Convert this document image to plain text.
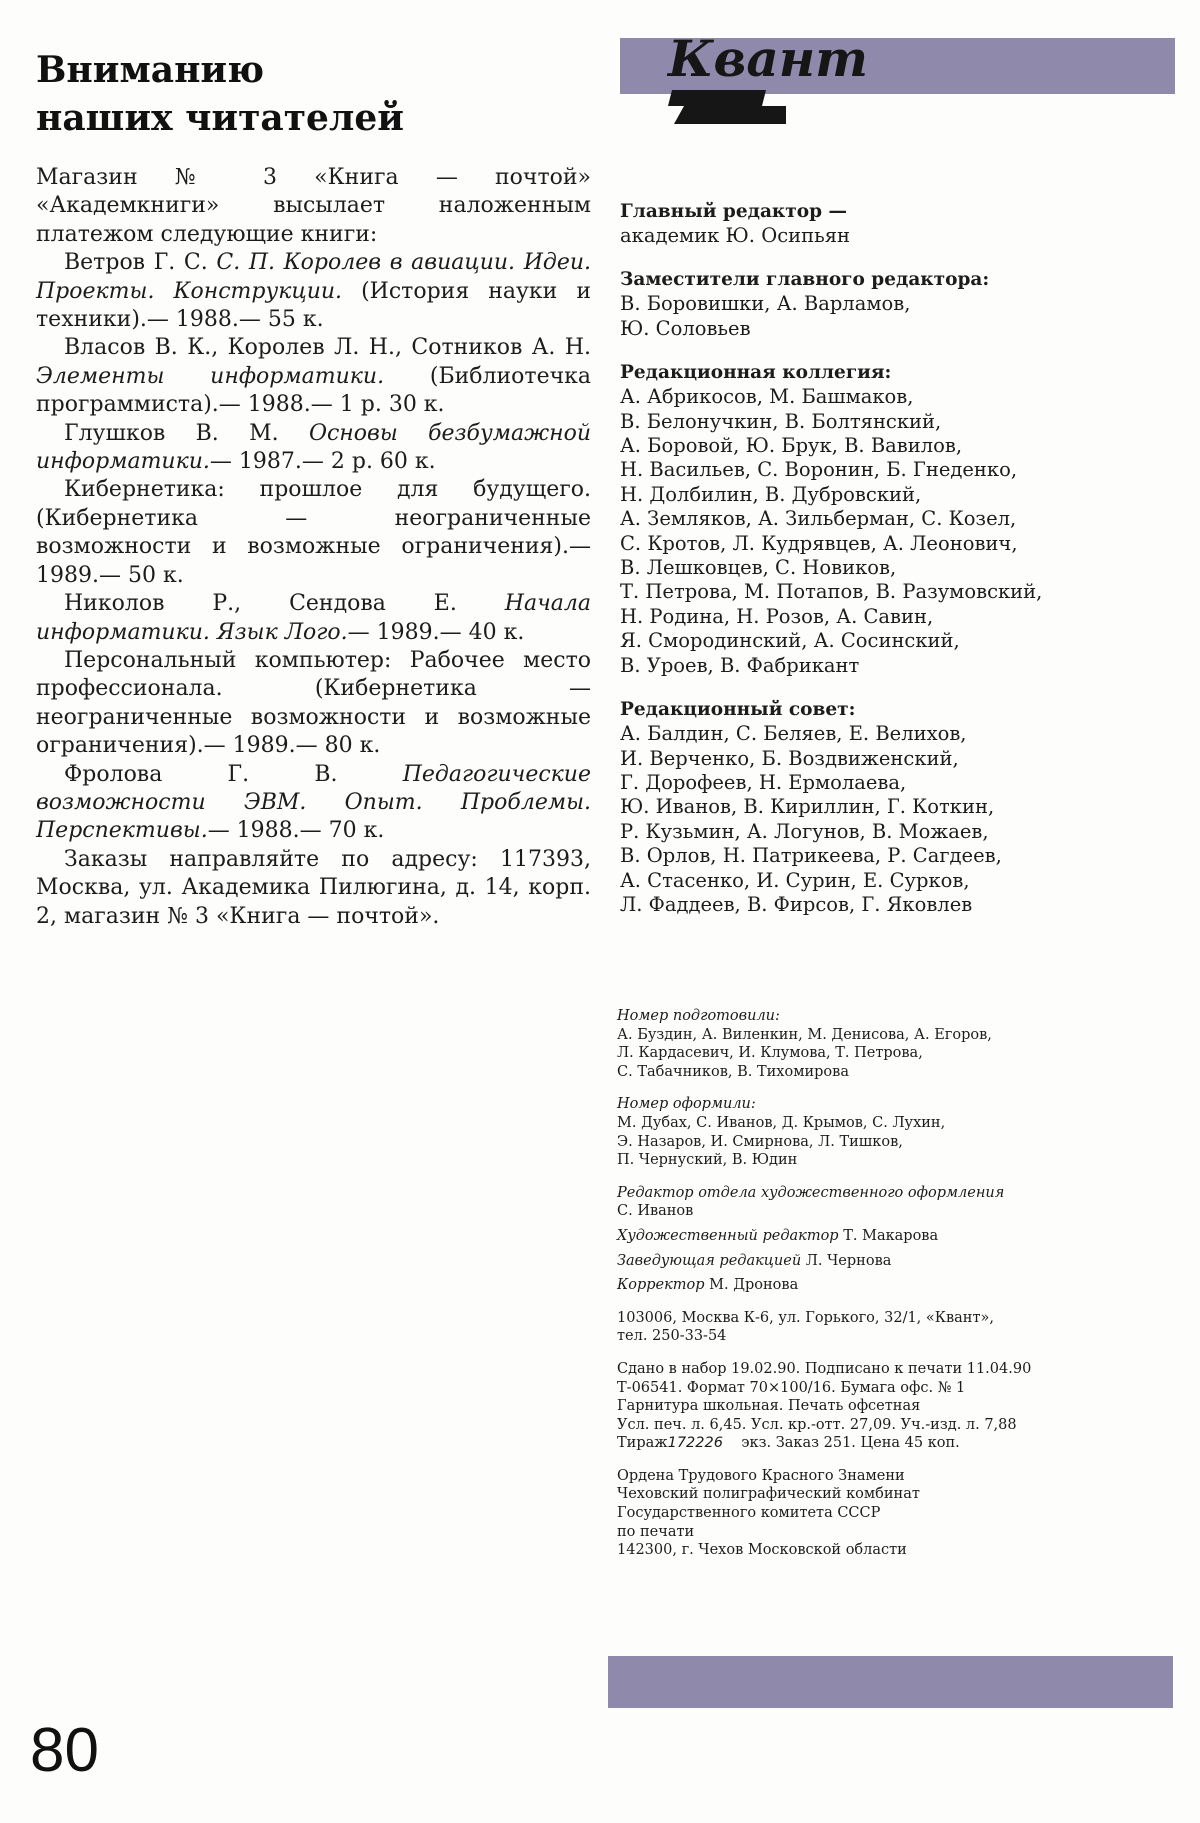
Вниманию
наших читателей

Магазин № 3 «Книга — почтой» «Академкниги» высылает наложенным платежом следующие книги:

Ветров Г. С. С. П. Королев в авиации. Идеи. Проекты. Конструкции. (История науки и техники).— 1988.— 55 к.

Власов В. К., Королев Л. Н., Сотников А. Н. Элементы информатики. (Библиотечка программиста).— 1988.— 1 р. 30 к.

Глушков В. М. Основы безбумажной информатики.— 1987.— 2 р. 60 к.

Кибернетика: прошлое для будущего. (Кибернетика — неограниченные возможности и возможные ограничения).— 1989.— 50 к.

Николов Р., Сендова Е. Начала информатики. Язык Лого.— 1989.— 40 к.

Персональный компьютер: Рабочее место профессионала. (Кибернетика — неограниченные возможности и возможные ограничения).— 1989.— 80 к.

Фролова Г. В. Педагогические возможности ЭВМ. Опыт. Проблемы. Перспективы.— 1988.— 70 к.

Заказы направляйте по адресу: 117393, Москва, ул. Академика Пилюгина, д. 14, корп. 2, магазин № 3 «Книга — почтой».

Квант

Главный редактор —

академик Ю. Осипьян

Заместители главного редактора:

В. Боровишки, А. Варламов,

Ю. Соловьев

Редакционная коллегия:

А. Абрикосов, М. Башмаков,

В. Белонучкин, В. Болтянский,

А. Боровой, Ю. Брук, В. Вавилов,

Н. Васильев, С. Воронин, Б. Гнеденко,

Н. Долбилин, В. Дубровский,

А. Земляков, А. Зильберман, С. Козел,

С. Кротов, Л. Кудрявцев, А. Леонович,

В. Лешковцев, С. Новиков,

Т. Петрова, М. Потапов, В. Разумовский,

Н. Родина, Н. Розов, А. Савин,

Я. Смородинский, А. Сосинский,

В. Уроев, В. Фабрикант

Редакционный совет:

А. Балдин, С. Беляев, Е. Велихов,

И. Верченко, Б. Воздвиженский,

Г. Дорофеев, Н. Ермолаева,

Ю. Иванов, В. Кириллин, Г. Коткин,

Р. Кузьмин, А. Логунов, В. Можаев,

В. Орлов, Н. Патрикеева, Р. Сагдеев,

А. Стасенко, И. Сурин, Е. Сурков,

Л. Фаддеев, В. Фирсов, Г. Яковлев

Номер подготовили:

А. Буздин, А. Виленкин, М. Денисова, А. Егоров,

Л. Кардасевич, И. Клумова, Т. Петрова,

С. Табачников, В. Тихомирова

Номер оформили:

М. Дубах, С. Иванов, Д. Крымов, С. Лухин,

Э. Назаров, И. Смирнова, Л. Тишков,

П. Чернуский, В. Юдин

Редактор отдела художественного оформления

С. Иванов

Художественный редактор Т. Макарова

Заведующая редакцией Л. Чернова

Корректор М. Дронова

103006, Москва К-6, ул. Горького, 32/1, «Квант»,

тел. 250-33-54

Сдано в набор 19.02.90. Подписано к печати 11.04.90

Т-06541. Формат 70×100/16. Бумага офс. № 1

Гарнитура школьная. Печать офсетная

Усл. печ. л. 6,45. Усл. кр.-отт. 27,09. Уч.-изд. л. 7,88

Тираж172226 экз. Заказ 251. Цена 45 коп.

Ордена Трудового Красного Знамени

Чеховский полиграфический комбинат

Государственного комитета СССР

по печати

142300, г. Чехов Московской области

80
